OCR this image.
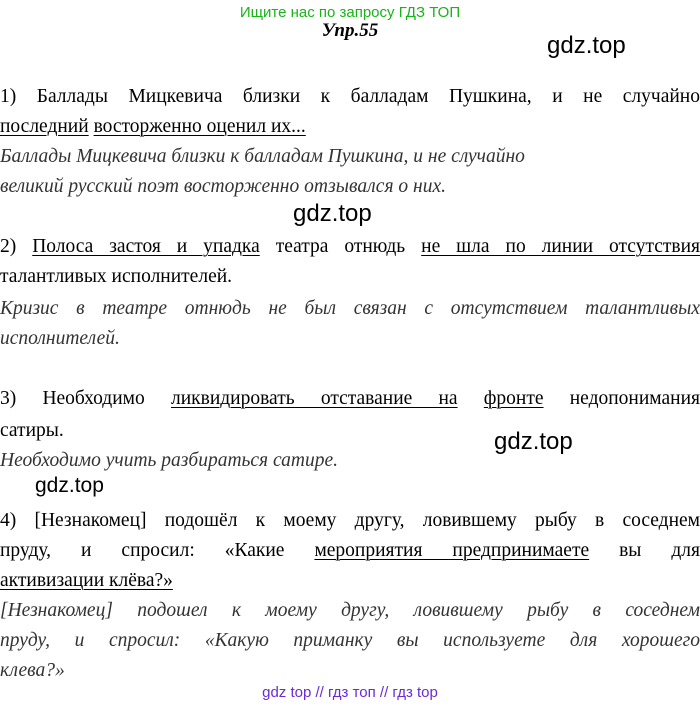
Ищите нас по запросу ГДЗ ТОП
Упр.55
gdz.top
gdz.top
gdz.top
gdz.top
1) Баллады Мицкевича близки к балладам Пушкина, и не случайно
последний восторженно оценил их...
Баллады Мицкевича близки к балладам Пушкина, и не случайно
великий русский поэт восторженно отзывался о них.
2) Полоса застоя и упадка театра отнюдь не шла по линии отсутствия
талантливых исполнителей.
Кризис в театре отнюдь не был связан с отсутствием талантливых
исполнителей.
3) Необходимо ликвидировать отставание на фронте недопонимания
сатиры.
Необходимо учить разбираться сатире.
4) [Незнакомец] подошёл к моему другу, ловившему рыбу в соседнем
пруду, и спросил: «Какие мероприятия предпринимаете вы для
активизации клёва?»
[Незнакомец] подошел к моему другу, ловившему рыбу в соседнем
пруду, и спросил: «Какую приманку вы используете для хорошего
клева?»
gdz top // гдз топ // гдз top
